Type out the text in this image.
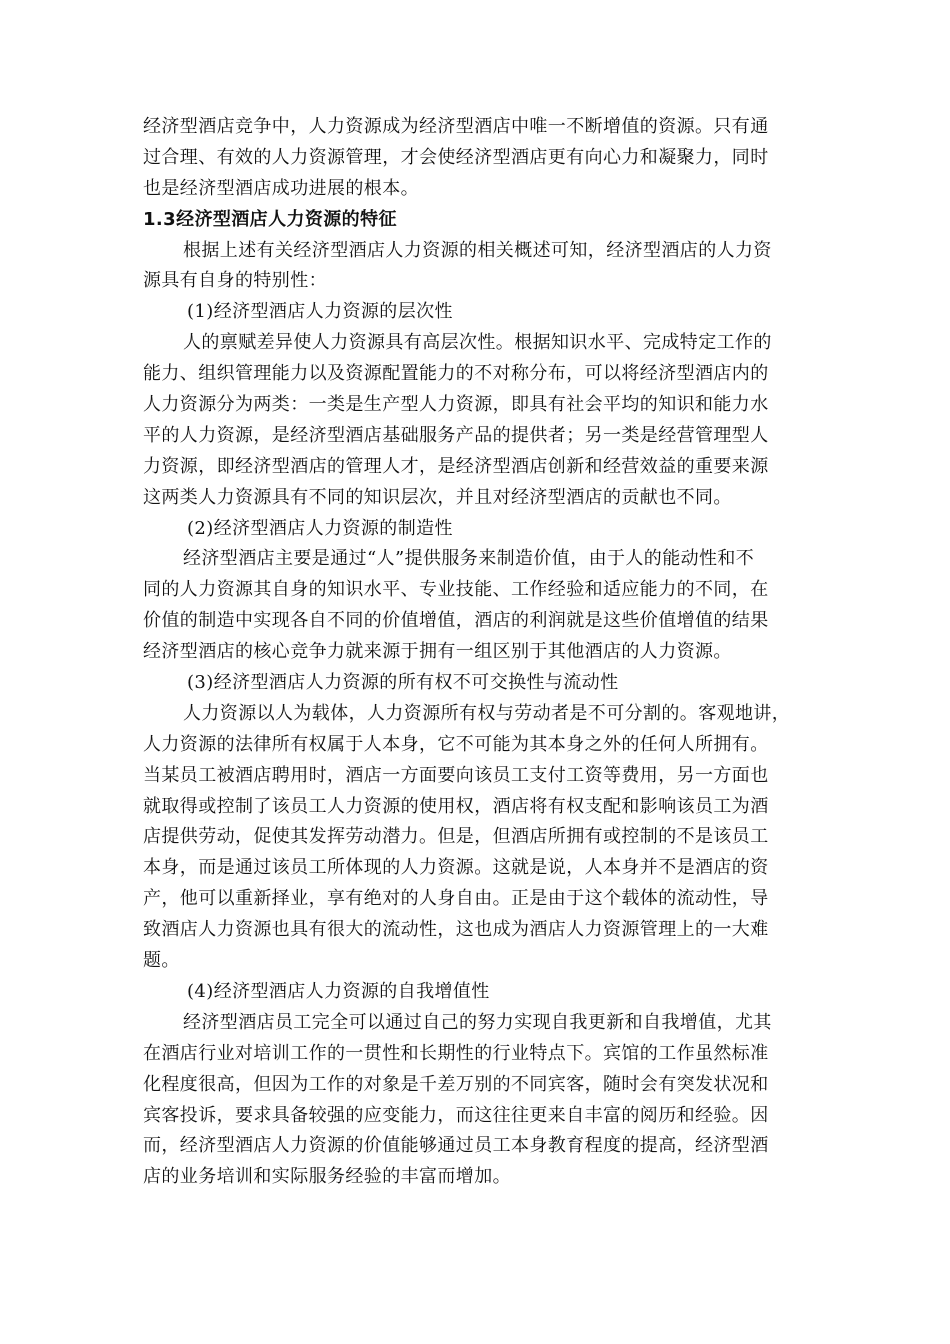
经济型酒店竞争中，人力资源成为经济型酒店中唯一不断增值的资源。只有通
过合理、有效的人力资源管理，才会使经济型酒店更有向心力和凝聚力，同时
也是经济型酒店成功进展的根本。
1.3经济型酒店人力资源的特征
根据上述有关经济型酒店人力资源的相关概述可知，经济型酒店的人力资
源具有自身的特别性：
(1)经济型酒店人力资源的层次性
人的禀赋差异使人力资源具有高层次性。根据知识水平、完成特定工作的
能力、组织管理能力以及资源配置能力的不对称分布，可以将经济型酒店内的
人力资源分为两类：一类是生产型人力资源，即具有社会平均的知识和能力水
平的人力资源，是经济型酒店基础服务产品的提供者；另一类是经营管理型人
力资源，即经济型酒店的管理人才，是经济型酒店创新和经营效益的重要来源
这两类人力资源具有不同的知识层次，并且对经济型酒店的贡献也不同。
(2)经济型酒店人力资源的制造性
经济型酒店主要是通过“人”提供服务来制造价值，由于人的能动性和不
同的人力资源其自身的知识水平、专业技能、工作经验和适应能力的不同，在
价值的制造中实现各自不同的价值增值，酒店的利润就是这些价值增值的结果
经济型酒店的核心竞争力就来源于拥有一组区别于其他酒店的人力资源。
(3)经济型酒店人力资源的所有权不可交换性与流动性
人力资源以人为载体，人力资源所有权与劳动者是不可分割的。客观地讲，
人力资源的法律所有权属于人本身，它不可能为其本身之外的任何人所拥有。
当某员工被酒店聘用时，酒店一方面要向该员工支付工资等费用，另一方面也
就取得或控制了该员工人力资源的使用权，酒店将有权支配和影响该员工为酒
店提供劳动，促使其发挥劳动潜力。但是，但酒店所拥有或控制的不是该员工
本身，而是通过该员工所体现的人力资源。这就是说，人本身并不是酒店的资
产，他可以重新择业，享有绝对的人身自由。正是由于这个载体的流动性，导
致酒店人力资源也具有很大的流动性，这也成为酒店人力资源管理上的一大难
题。
(4)经济型酒店人力资源的自我增值性
经济型酒店员工完全可以通过自己的努力实现自我更新和自我增值，尤其
在酒店行业对培训工作的一贯性和长期性的行业特点下。宾馆的工作虽然标准
化程度很高，但因为工作的对象是千差万别的不同宾客，随时会有突发状况和
宾客投诉，要求具备较强的应变能力，而这往往更来自丰富的阅历和经验。因
而，经济型酒店人力资源的价值能够通过员工本身教育程度的提高，经济型酒
店的业务培训和实际服务经验的丰富而增加。
